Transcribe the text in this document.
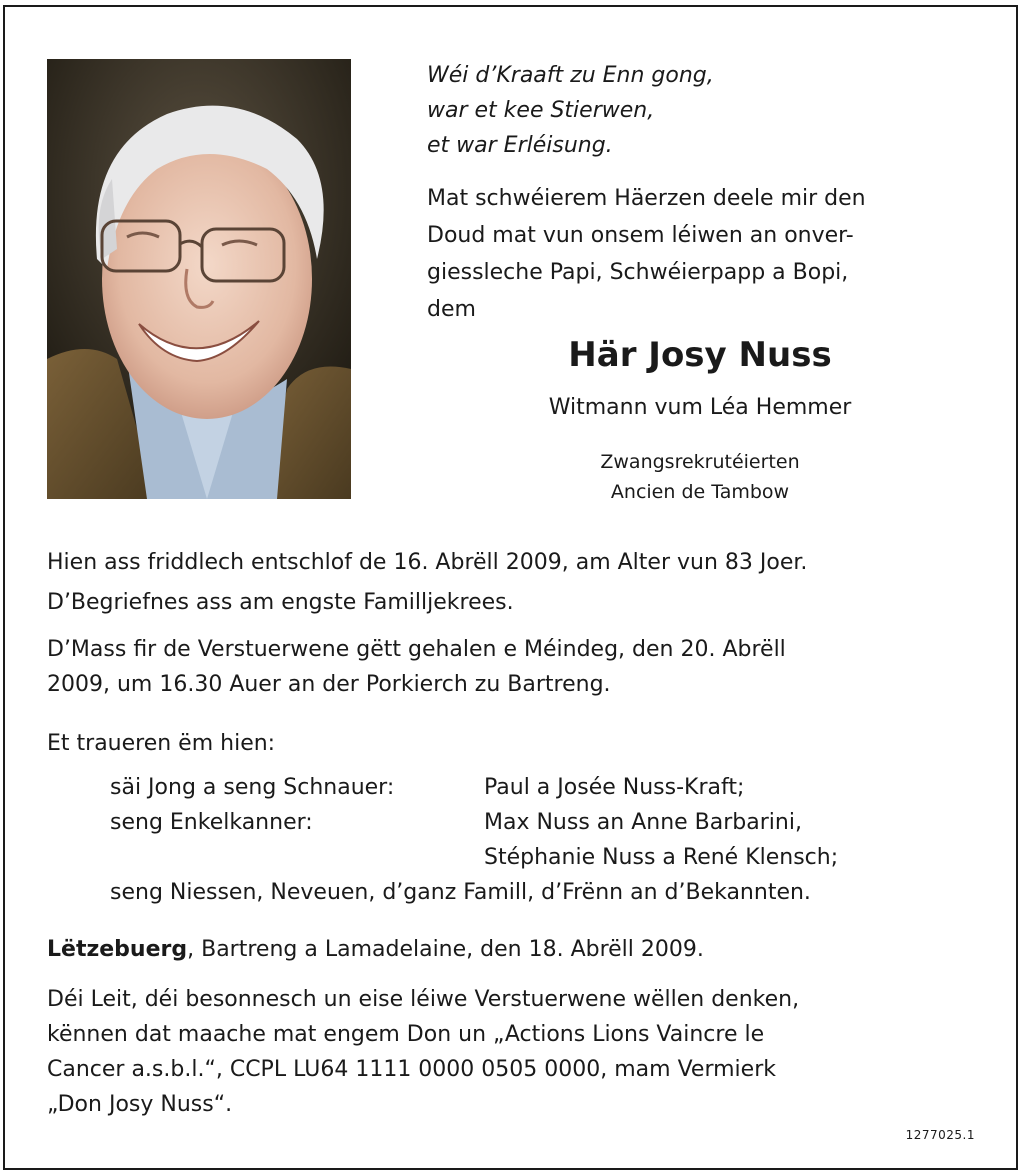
Wéi d’Kraaft zu Enn gong,
war et kee Stierwen,
et war Erléisung.
Mat schwéierem Häerzen deele mir den
Doud mat vun onsem léiwen an onver-
giessleche Papi, Schwéierpapp a Bopi,
dem
Här Josy Nuss
Witmann vum Léa Hemmer
Zwangsrekrutéierten
Ancien de Tambow
Hien ass friddlech entschlof de 16. Abrëll 2009, am Alter vun 83 Joer.
D’Begriefnes ass am engste Familljekrees.
D’Mass fir de Verstuerwene gëtt gehalen e Méindeg, den 20. Abrëll
2009, um 16.30 Auer an der Porkierch zu Bartreng.
Et traueren ëm hien:
säi Jong a seng Schnauer:	Paul a Josée Nuss-Kraft;
seng Enkelkanner:	Max Nuss an Anne Barbarini,
Stéphanie Nuss a René Klensch;
seng Niessen, Neveuen, d’ganz Famill, d’Frënn an d’Bekannten.
Lëtzebuerg, Bartreng a Lamadelaine, den 18. Abrëll 2009.
Déi Leit, déi besonnesch un eise léiwe Verstuerwene wëllen denken,
kënnen dat maache mat engem Don un „Actions Lions Vaincre le
Cancer a.s.b.l.“, CCPL LU64 1111 0000 0505 0000, mam Vermierk
„Don Josy Nuss“.
1277025.1
